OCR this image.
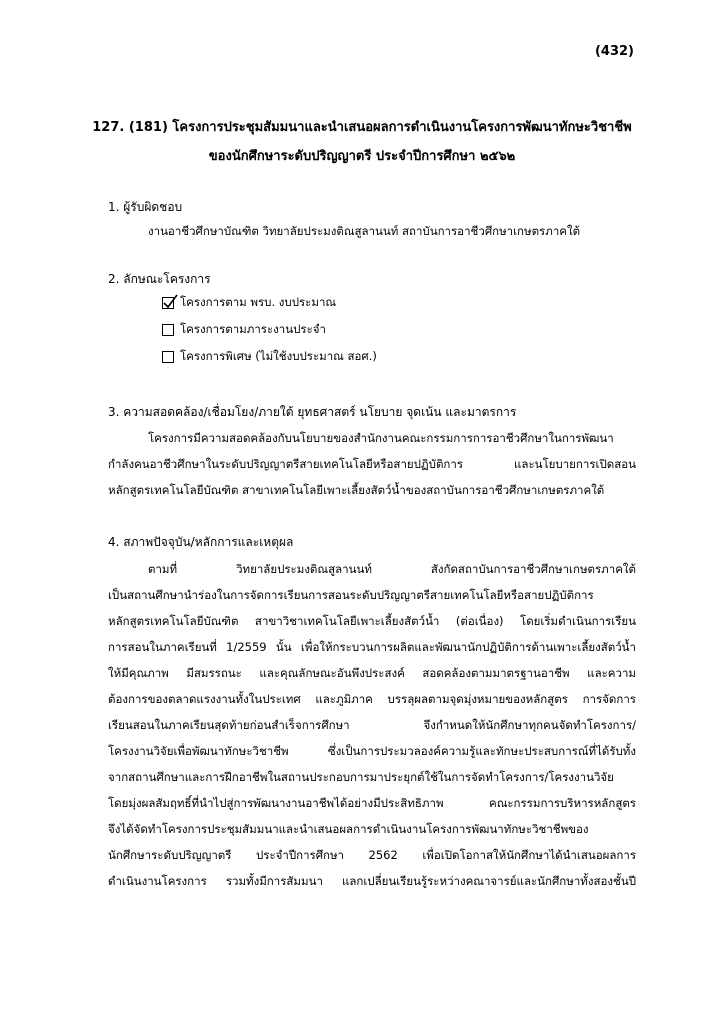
(432)
127. (181) โครงการประชุมสัมมนาและนำเสนอผลการดำเนินงานโครงการพัฒนาทักษะวิชาชีพ
ของนักศึกษาระดับปริญญาตรี ประจำปีการศึกษา ๒๕๖๒
1. ผู้รับผิดชอบ
งานอาชีวศึกษาบัณฑิต วิทยาลัยประมงติณสูลานนท์ สถาบันการอาชีวศึกษาเกษตรภาคใต้
2. ลักษณะโครงการ
โครงการตาม พรบ. งบประมาณ
โครงการตามภาระงานประจำ
โครงการพิเศษ (ไม่ใช้งบประมาณ สอศ.)
3. ความสอดคล้อง/เชื่อมโยง/ภายใต้ ยุทธศาสตร์ นโยบาย จุดเน้น และมาตรการ
โครงการมีความสอดคล้องกับนโยบายของสำนักงานคณะกรรมการการอาชีวศึกษาในการพัฒนา
กำลังคนอาชีวศึกษาในระดับปริญญาตรีสายเทคโนโลยีหรือสายปฏิบัติการ และนโยบายการเปิดสอน
หลักสูตรเทคโนโลยีบัณฑิต สาขาเทคโนโลยีเพาะเลี้ยงสัตว์น้ำของสถาบันการอาชีวศึกษาเกษตรภาคใต้
4. สภาพปัจจุบัน/หลักการและเหตุผล
ตามที่ วิทยาลัยประมงติณสูลานนท์ สังกัดสถาบันการอาชีวศึกษาเกษตรภาคใต้
เป็นสถานศึกษานำร่องในการจัดการเรียนการสอนระดับปริญญาตรีสายเทคโนโลยีหรือสายปฏิบัติการ
หลักสูตรเทคโนโลยีบัณฑิต สาขาวิชาเทคโนโลยีเพาะเลี้ยงสัตว์น้ำ (ต่อเนื่อง) โดยเริ่มดำเนินการเรียน
การสอนในภาคเรียนที่ 1/2559 นั้น เพื่อให้กระบวนการผลิตและพัฒนานักปฏิบัติการด้านเพาะเลี้ยงสัตว์น้ำ
ให้มีคุณภาพ มีสมรรถนะ และคุณลักษณะอันพึงประสงค์ สอดคล้องตามมาตรฐานอาชีพ และความ
ต้องการของตลาดแรงงานทั้งในประเทศ และภูมิภาค บรรลุผลตามจุดมุ่งหมายของหลักสูตร การจัดการ
เรียนสอนในภาคเรียนสุดท้ายก่อนสำเร็จการศึกษา จึงกำหนดให้นักศึกษาทุกคนจัดทำโครงการ/
โครงงานวิจัยเพื่อพัฒนาทักษะวิชาชีพ ซึ่งเป็นการประมวลองค์ความรู้และทักษะประสบการณ์ที่ได้รับทั้ง
จากสถานศึกษาและการฝึกอาชีพในสถานประกอบการมาประยุกต์ใช้ในการจัดทำโครงการ/โครงงานวิจัย
โดยมุ่งผลสัมฤทธิ์ที่นำไปสู่การพัฒนางานอาชีพได้อย่างมีประสิทธิภาพ คณะกรรมการบริหารหลักสูตร
จึงได้จัดทำโครงการประชุมสัมมนาและนำเสนอผลการดำเนินงานโครงการพัฒนาทักษะวิชาชีพของ
นักศึกษาระดับปริญญาตรี ประจำปีการศึกษา 2562 เพื่อเปิดโอกาสให้นักศึกษาได้นำเสนอผลการ
ดำเนินงานโครงการ รวมทั้งมีการสัมมนา แลกเปลี่ยนเรียนรู้ระหว่างคณาจารย์และนักศึกษาทั้งสองชั้นปี
